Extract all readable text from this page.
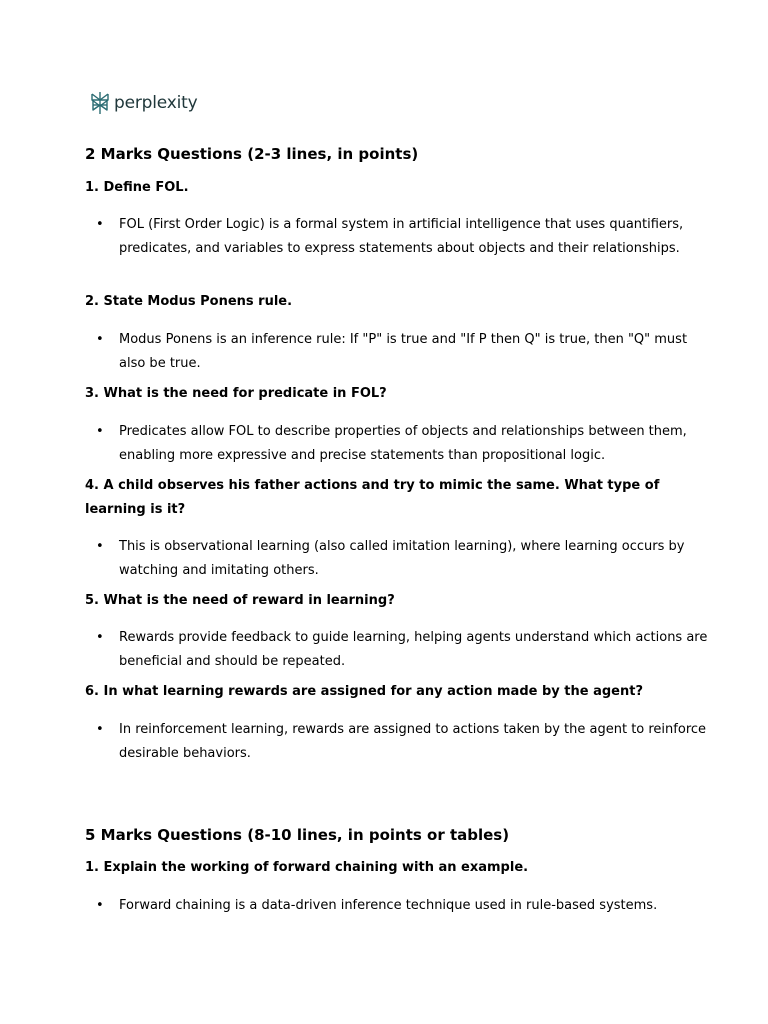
perplexity
2 Marks Questions (2-3 lines, in points)

1. Define FOL.

• FOL (First Order Logic) is a formal system in artificial intelligence that uses quantifiers, predicates, and variables to express statements about objects and their relationships.

2. State Modus Ponens rule.

• Modus Ponens is an inference rule: If "P" is true and "If P then Q" is true, then "Q" must also be true.

3. What is the need for predicate in FOL?

• Predicates allow FOL to describe properties of objects and relationships between them, enabling more expressive and precise statements than propositional logic.

4. A child observes his father actions and try to mimic the same. What type of learning is it?

• This is observational learning (also called imitation learning), where learning occurs by watching and imitating others.

5. What is the need of reward in learning?

• Rewards provide feedback to guide learning, helping agents understand which actions are beneficial and should be repeated.

6. In what learning rewards are assigned for any action made by the agent?

• In reinforcement learning, rewards are assigned to actions taken by the agent to reinforce desirable behaviors.
5 Marks Questions (8-10 lines, in points or tables)

1. Explain the working of forward chaining with an example.

• Forward chaining is a data-driven inference technique used in rule-based systems.
